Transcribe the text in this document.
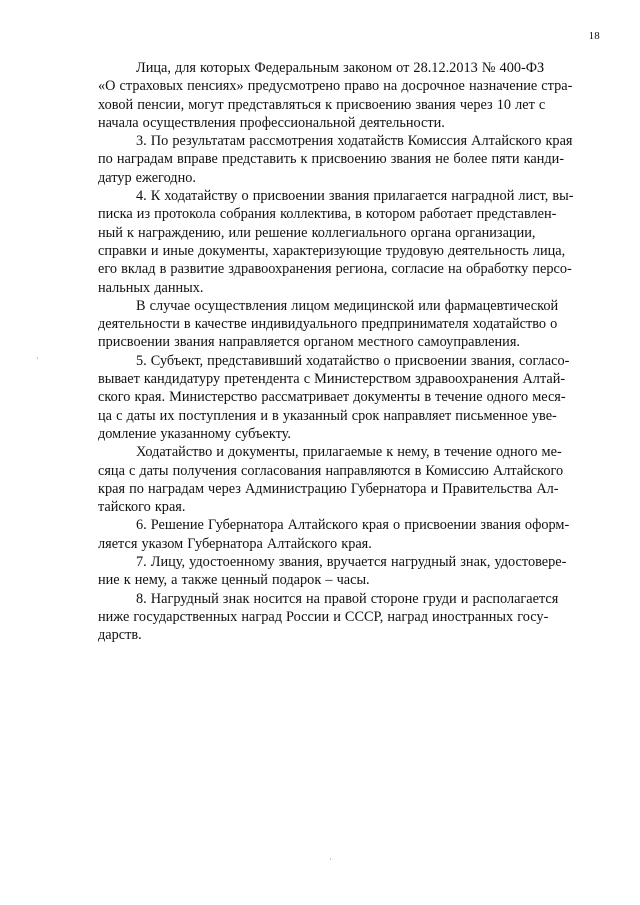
18

Лица, для которых Федеральным законом от 28.12.2013 № 400-ФЗ
«О страховых пенсиях» предусмотрено право на досрочное назначение стра-
ховой пенсии, могут представляться к присвоению звания через 10 лет с
начала осуществления профессиональной деятельности.

3. По результатам рассмотрения ходатайств Комиссия Алтайского края
по наградам вправе представить к присвоению звания не более пяти канди-
датур ежегодно.

4. К ходатайству о присвоении звания прилагается наградной лист, вы-
писка из протокола собрания коллектива, в котором работает представлен-
ный к награждению, или решение коллегиального органа организации,
справки и иные документы, характеризующие трудовую деятельность лица,
его вклад в развитие здравоохранения региона, согласие на обработку персо-
нальных данных.

В случае осуществления лицом медицинской или фармацевтической
деятельности в качестве индивидуального предпринимателя ходатайство о
присвоении звания направляется органом местного самоуправления.

5. Субъект, представивший ходатайство о присвоении звания, согласо-
вывает кандидатуру претендента с Министерством здравоохранения Алтай-
ского края. Министерство рассматривает документы в течение одного меся-
ца с даты их поступления и в указанный срок направляет письменное уве-
домление указанному субъекту.

Ходатайство и документы, прилагаемые к нему, в течение одного ме-
сяца с даты получения согласования направляются в Комиссию Алтайского
края по наградам через Администрацию Губернатора и Правительства Ал-
тайского края.

6. Решение Губернатора Алтайского края о присвоении звания оформ-
ляется указом Губернатора Алтайского края.

7. Лицу, удостоенному звания, вручается нагрудный знак, удостовере-
ние к нему, а также ценный подарок – часы.

8. Нагрудный знак носится на правой стороне груди и располагается
ниже государственных наград России и СССР, наград иностранных госу-
дарств.
